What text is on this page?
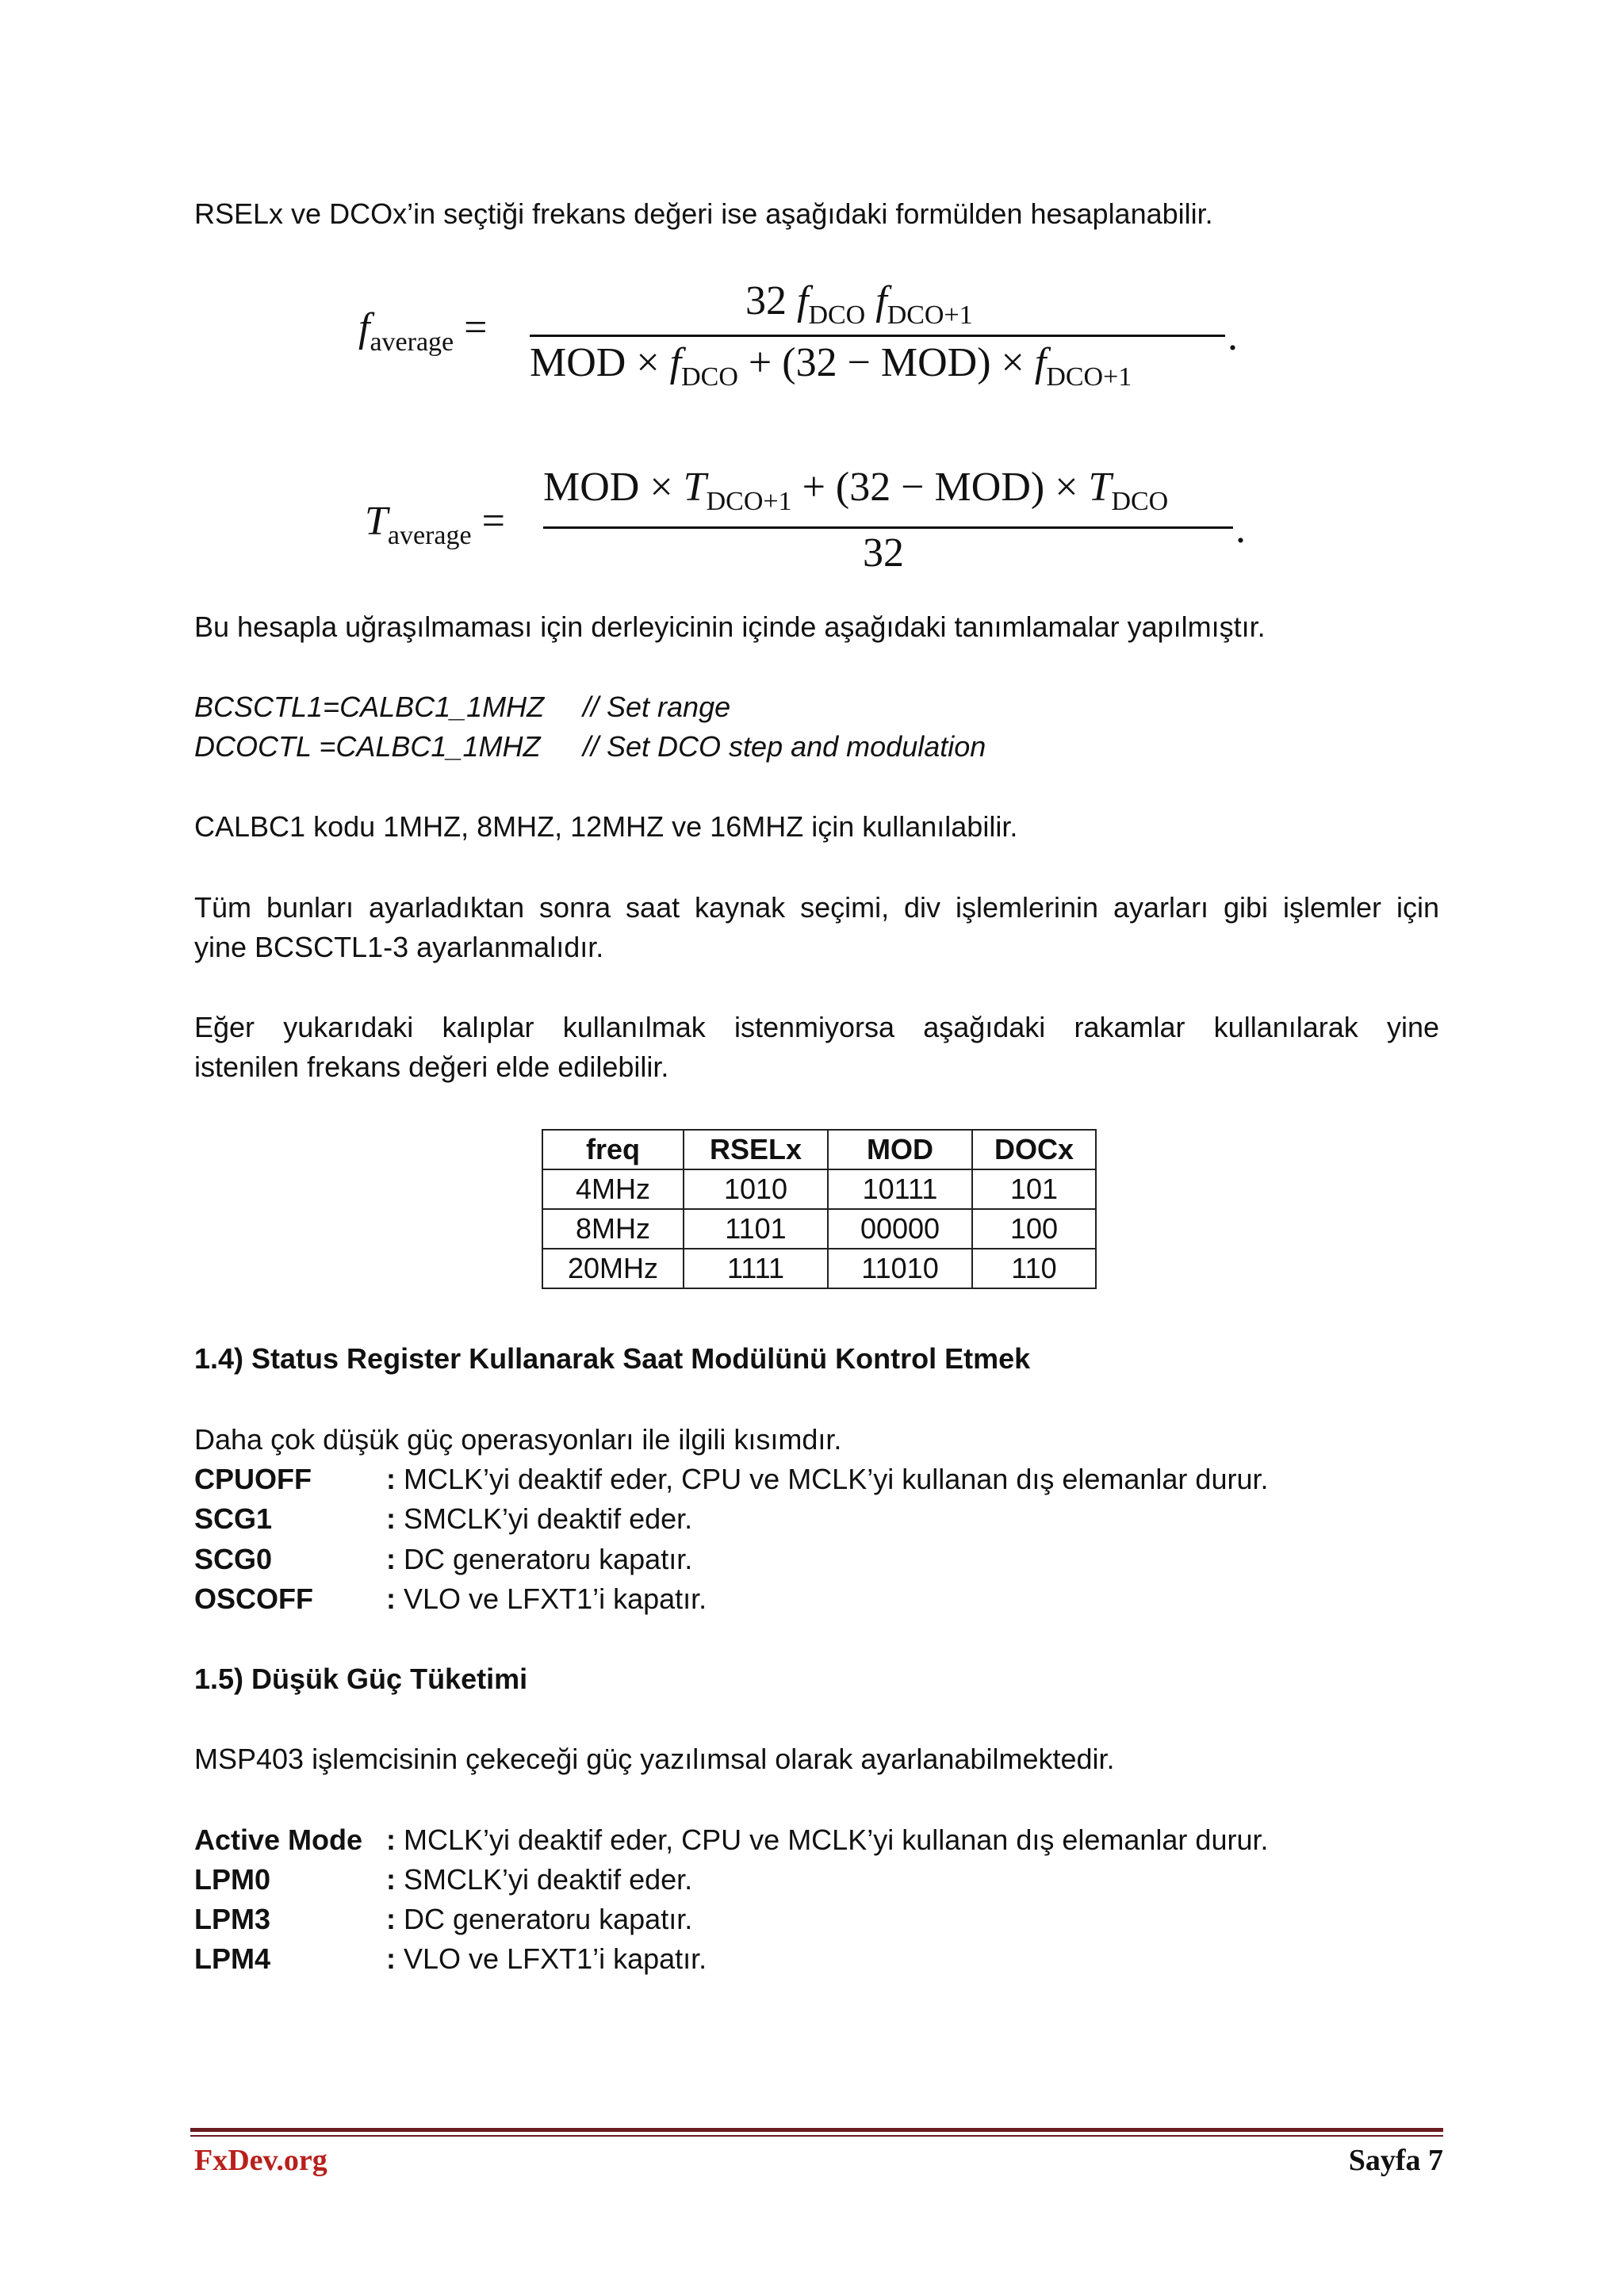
RSELx ve DCOx’in seçtiği frekans değeri ise aşağıdaki formülden hesaplanabilir.
$f_{average}$ =
32 $f_{DCO}$ $f_{DCO+1}$
MOD × $f_{DCO} + (32 - MOD) \times f_{DCO+1}$
.
$T_{average}$ =
MOD × $T_{DCO+1} + (32 - MOD) \times T_{DCO}$
32
.
Bu hesapla uğraşılmaması için derleyicinin içinde aşağıdaki tanımlamalar yapılmıştır.
BCSCTL1=CALBC1_1MHZ // Set range
DCOCTL =CALBC1_1MHZ // Set DCO step and modulation
CALBC1 kodu 1MHZ, 8MHZ, 12MHZ ve 16MHZ için kullanılabilir.
Tüm bunları ayarladıktan sonra saat kaynak seçimi, div işlemlerinin ayarları gibi işlemler için
yine BCSCTL1-3 ayarlanmalıdır.
Eğer yukarıdaki kalıplar kullanılmak istenmiyorsa aşağıdaki rakamlar kullanılarak yine
istenilen frekans değeri elde edilebilir.
freq	RSELx	MOD	DOCx
4MHz	1010	10111	101
8MHz	1101	00000	100
20MHz	1111	11010	110
1.4) Status Register Kullanarak Saat Modülünü Kontrol Etmek
Daha çok düşük güç operasyonları ile ilgili kısımdır.
CPUOFF	: MCLK’yi deaktif eder, CPU ve MCLK’yi kullanan dış elemanlar durur.
SCG1	: SMCLK’yi deaktif eder.
SCG0	: DC generatoru kapatır.
OSCOFF	: VLO ve LFXT1’i kapatır.
1.5) Düşük Güç Tüketimi
MSP403 işlemcisinin çekeceği güç yazılımsal olarak ayarlanabilmektedir.
Active Mode : MCLK’yi deaktif eder, CPU ve MCLK’yi kullanan dış elemanlar durur.
LPM0	: SMCLK’yi deaktif eder.
LPM3	: DC generatoru kapatır.
LPM4	: VLO ve LFXT1’i kapatır.
FxDev.org	Sayfa 7
